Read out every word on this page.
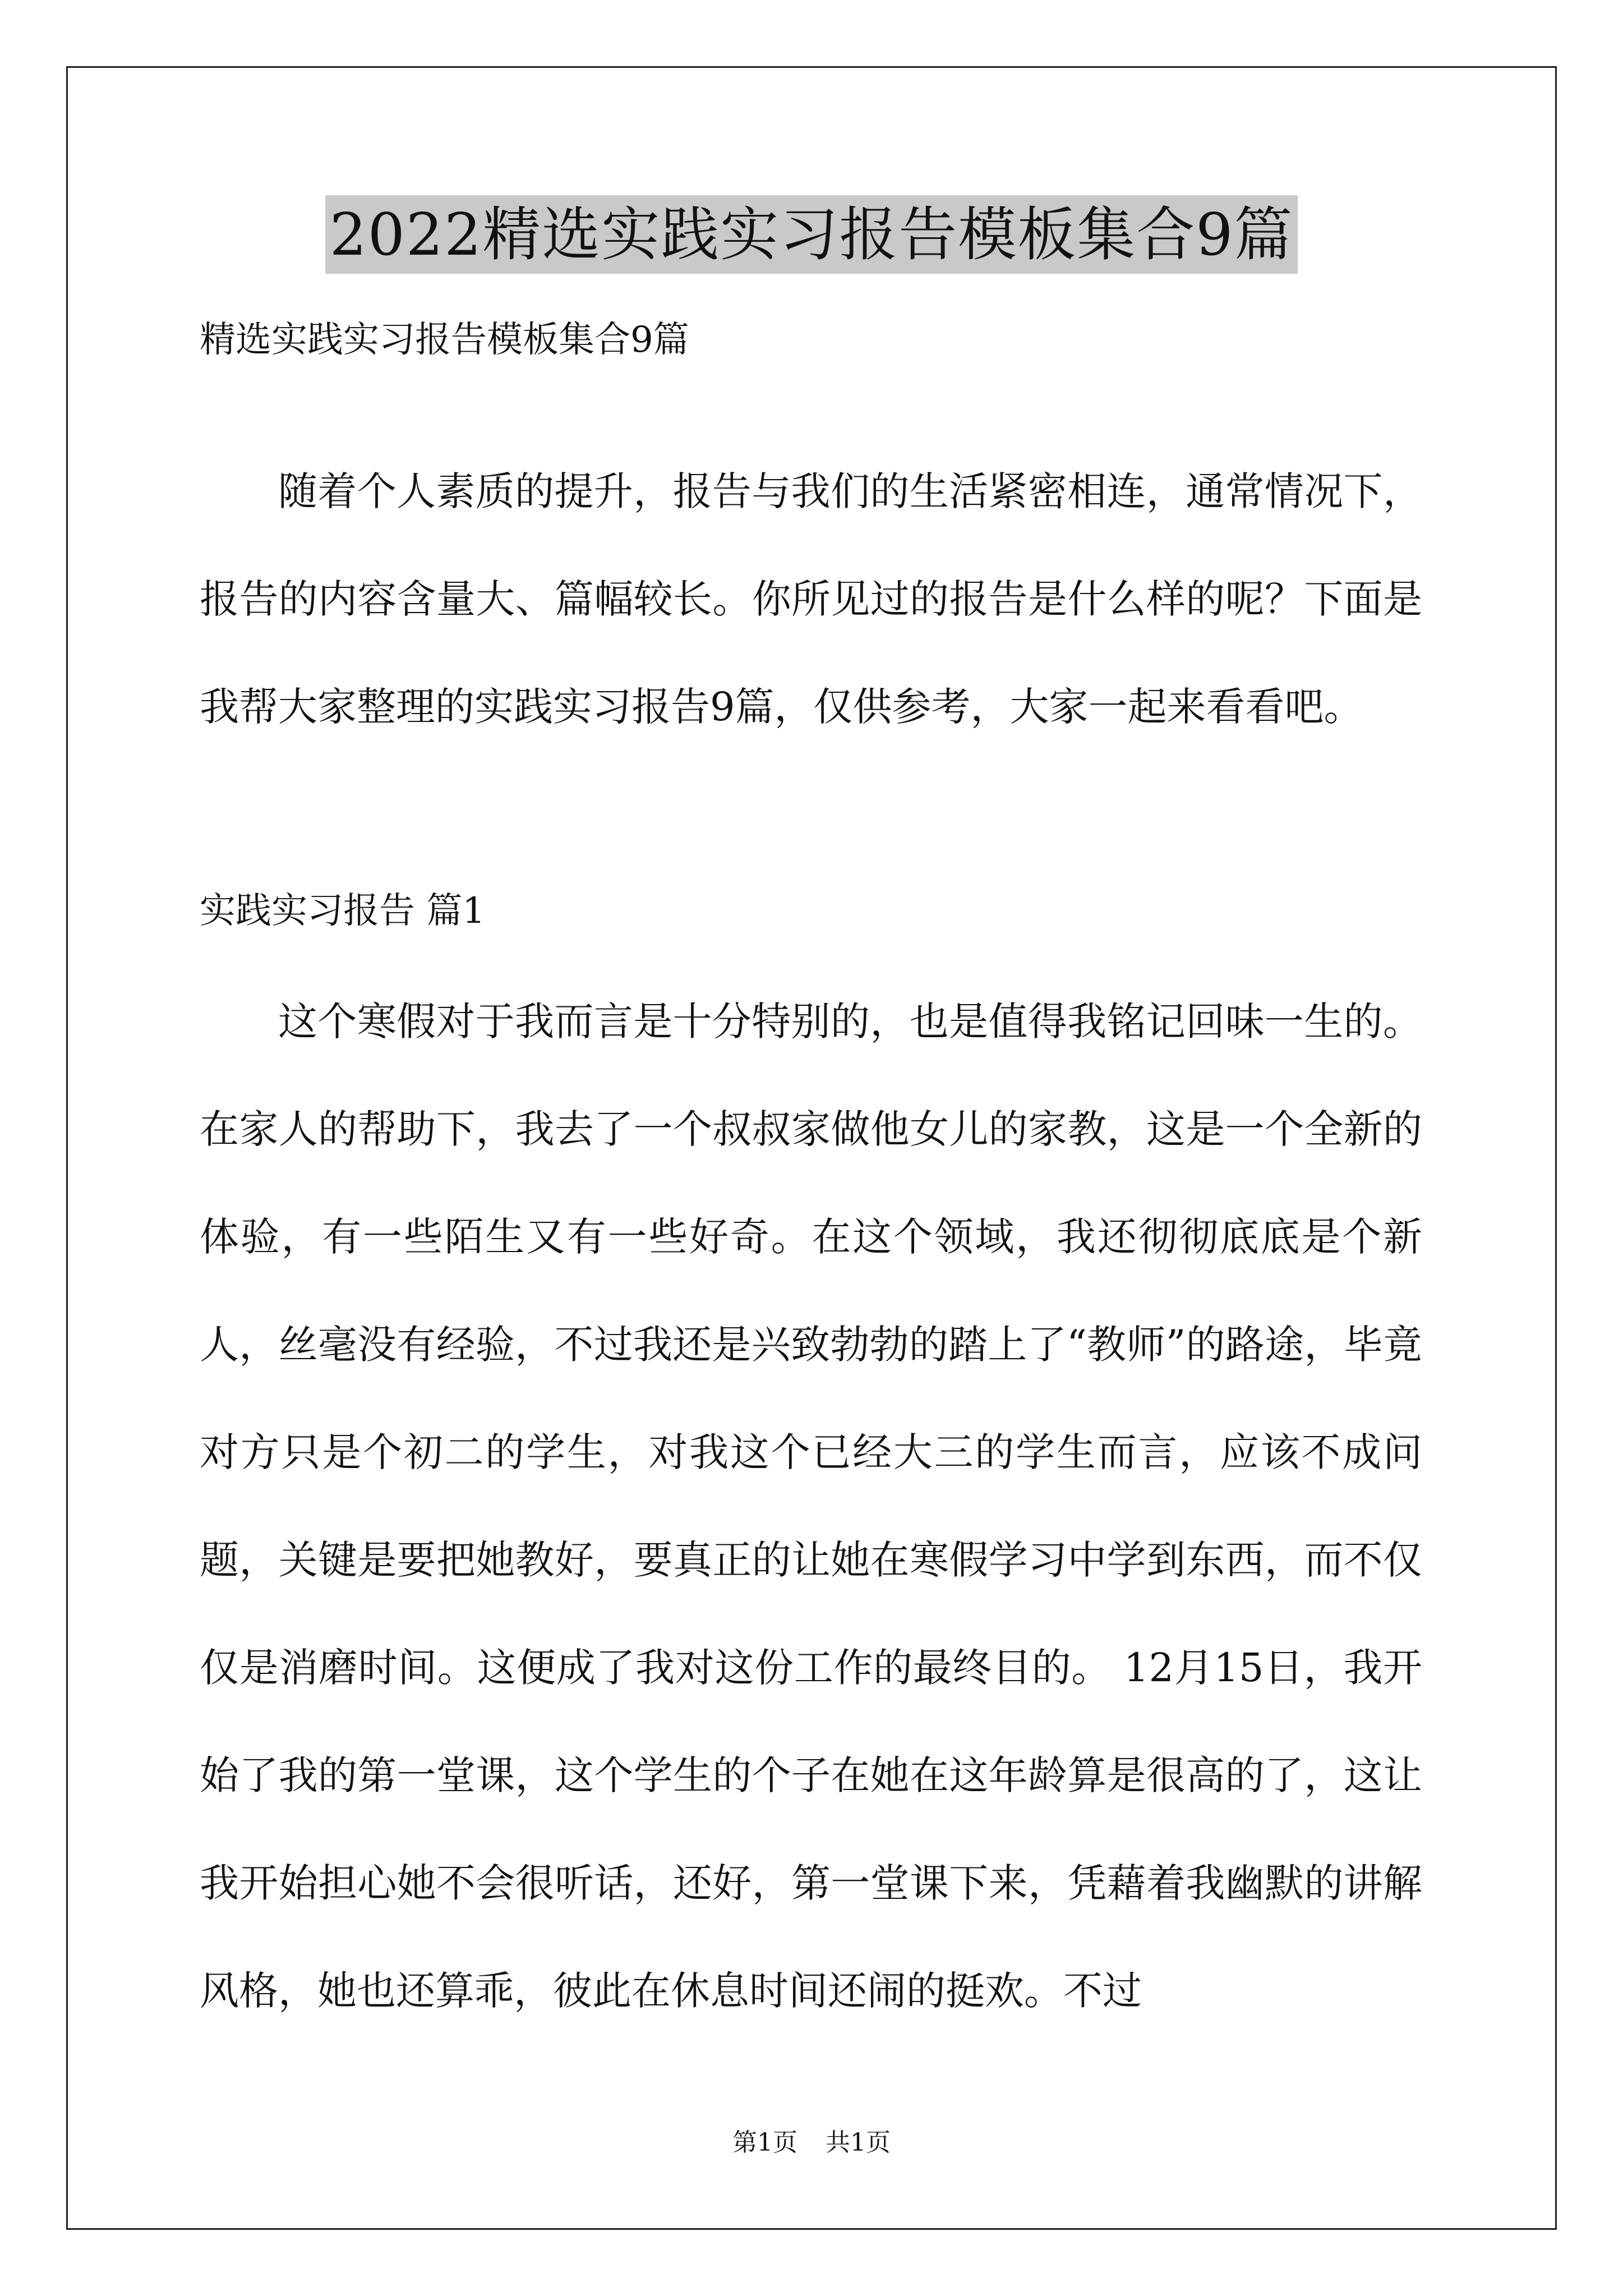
2022精选实践实习报告模板集合9篇
精选实践实习报告模板集合9篇

随着个人素质的提升，报告与我们的生活紧密相连，通常情况下，报告的内容含量大、篇幅较长。你所见过的报告是什么样的呢？下面是我帮大家整理的实践实习报告9篇，仅供参考，大家一起来看看吧。

实践实习报告 篇1

这个寒假对于我而言是十分特别的，也是值得我铭记回味一生的。在家人的帮助下，我去了一个叔叔家做他女儿的家教，这是一个全新的体验，有一些陌生又有一些好奇。在这个领域，我还彻彻底底是个新人，丝毫没有经验，不过我还是兴致勃勃的踏上了“教师”的路途，毕竟对方只是个初二的学生，对我这个已经大三的学生而言，应该不成问题，关键是要把她教好，要真正的让她在寒假学习中学到东西，而不仅仅是消磨时间。这便成了我对这份工作的最终目的。 12月15日，我开始了我的第一堂课，这个学生的个子在她在这年龄算是很高的了，这让我开始担心她不会很听话，还好，第一堂课下来，凭藉着我幽默的讲解风格，她也还算乖，彼此在休息时间还闹的挺欢。不过

第1页 共1页
